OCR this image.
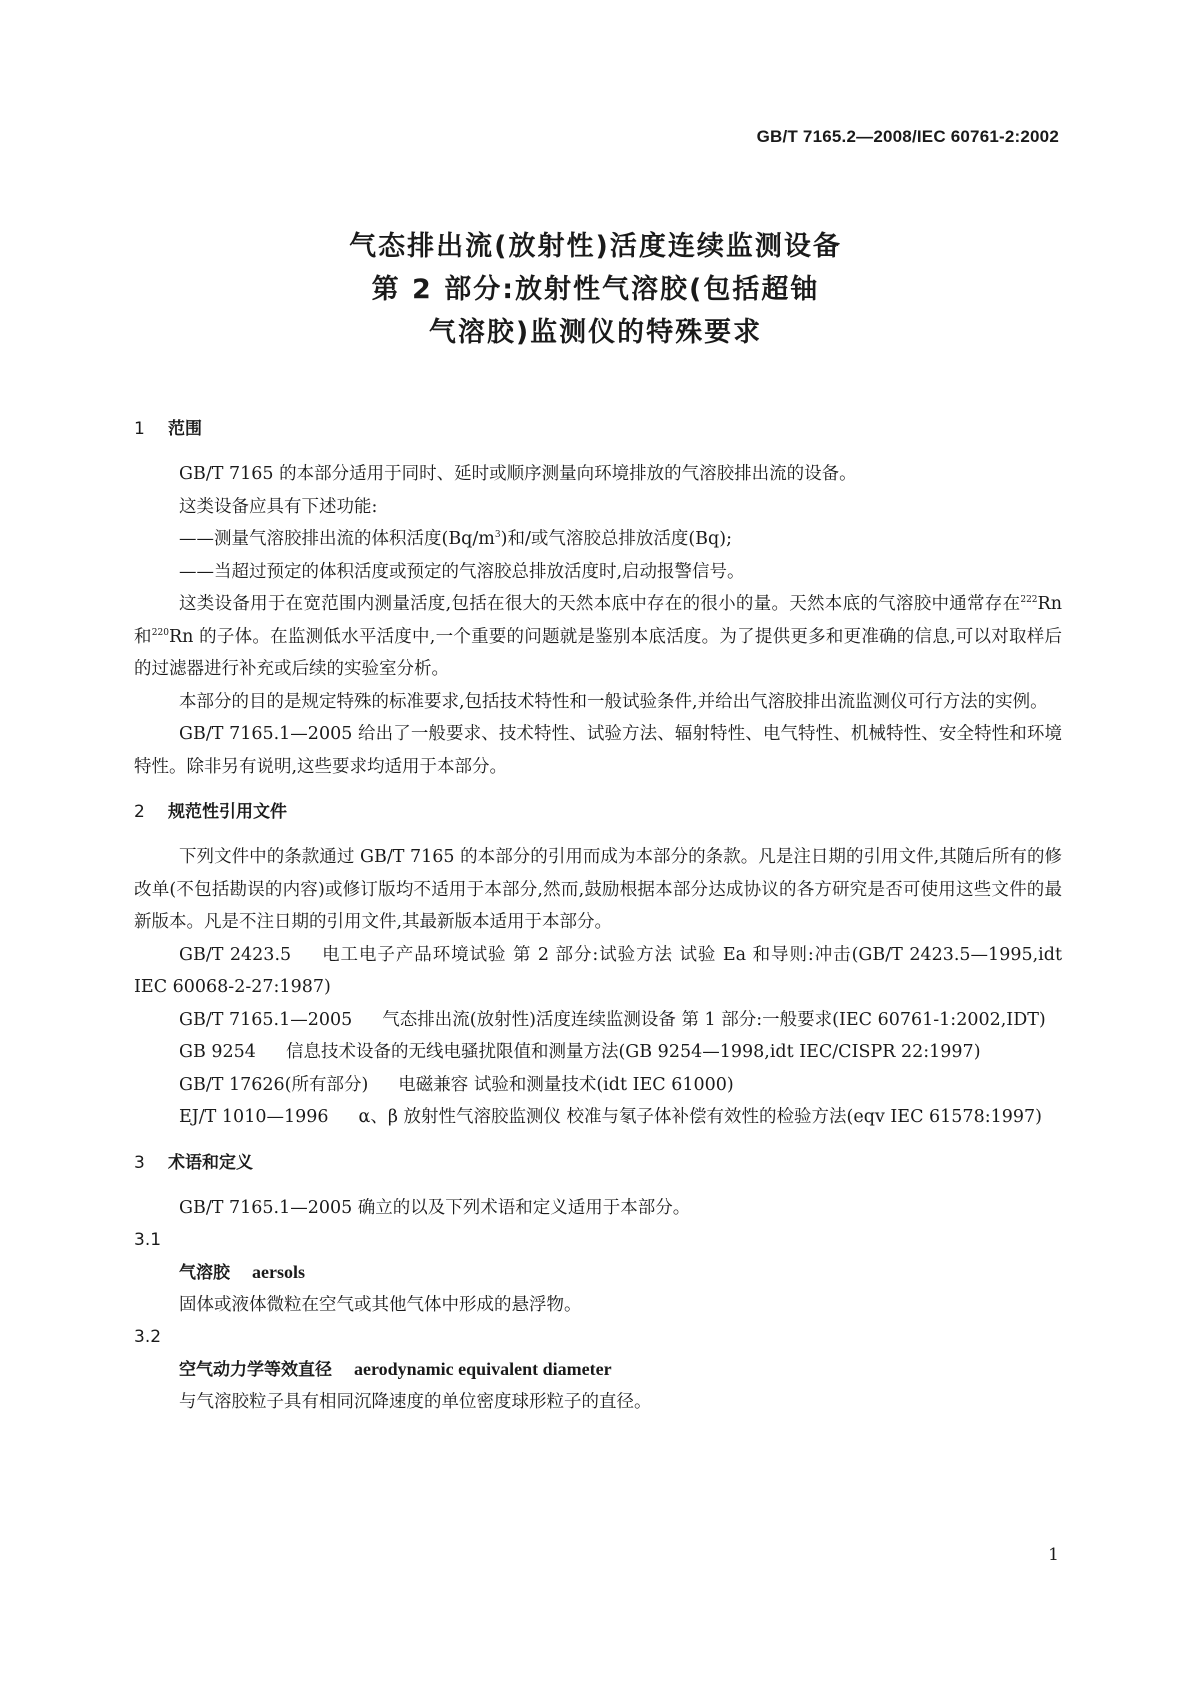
GB/T 7165.2—2008/IEC 60761-2:2002
气态排出流(放射性)活度连续监测设备
第 2 部分:放射性气溶胶(包括超铀
气溶胶)监测仪的特殊要求
1 范围

GB/T 7165 的本部分适用于同时、延时或顺序测量向环境排放的气溶胶排出流的设备。

这类设备应具有下述功能:

——测量气溶胶排出流的体积活度$(Bq/m^3)$和/或气溶胶总排放活度(Bq);

——当超过预定的体积活度或预定的气溶胶总排放活度时,启动报警信号。

这类设备用于在宽范围内测量活度,包括在很大的天然本底中存在的很小的量。天然本底的气溶胶中通常存在$^{222}$Rn 和$^{220}$Rn 的子体。在监测低水平活度中,一个重要的问题就是鉴别本底活度。为了提供更多和更准确的信息,可以对取样后的过滤器进行补充或后续的实验室分析。

本部分的目的是规定特殊的标准要求,包括技术特性和一般试验条件,并给出气溶胶排出流监测仪可行方法的实例。

GB/T 7165.1—2005 给出了一般要求、技术特性、试验方法、辐射特性、电气特性、机械特性、安全特性和环境特性。除非另有说明,这些要求均适用于本部分。

2 规范性引用文件

下列文件中的条款通过 GB/T 7165 的本部分的引用而成为本部分的条款。凡是注日期的引用文件,其随后所有的修改单(不包括勘误的内容)或修订版均不适用于本部分,然而,鼓励根据本部分达成协议的各方研究是否可使用这些文件的最新版本。凡是不注日期的引用文件,其最新版本适用于本部分。

GB/T 2423.5 电工电子产品环境试验 第 2 部分:试验方法 试验 Ea 和导则:冲击(GB/T 2423.5—1995,idt IEC 60068-2-27:1987)

GB/T 7165.1—2005 气态排出流(放射性)活度连续监测设备 第 1 部分:一般要求(IEC 60761-1:2002,IDT)

GB 9254 信息技术设备的无线电骚扰限值和测量方法(GB 9254—1998,idt IEC/CISPR 22:1997)

GB/T 17626(所有部分) 电磁兼容 试验和测量技术(idt IEC 61000)

EJ/T 1010—1996 α、β 放射性气溶胶监测仪 校准与氡子体补偿有效性的检验方法(eqv IEC 61578:1997)

3 术语和定义

GB/T 7165.1—2005 确立的以及下列术语和定义适用于本部分。

3.1
气溶胶 aersols
固体或液体微粒在空气或其他气体中形成的悬浮物。
3.2
空气动力学等效直径 aerodynamic equivalent diameter
与气溶胶粒子具有相同沉降速度的单位密度球形粒子的直径。
1
